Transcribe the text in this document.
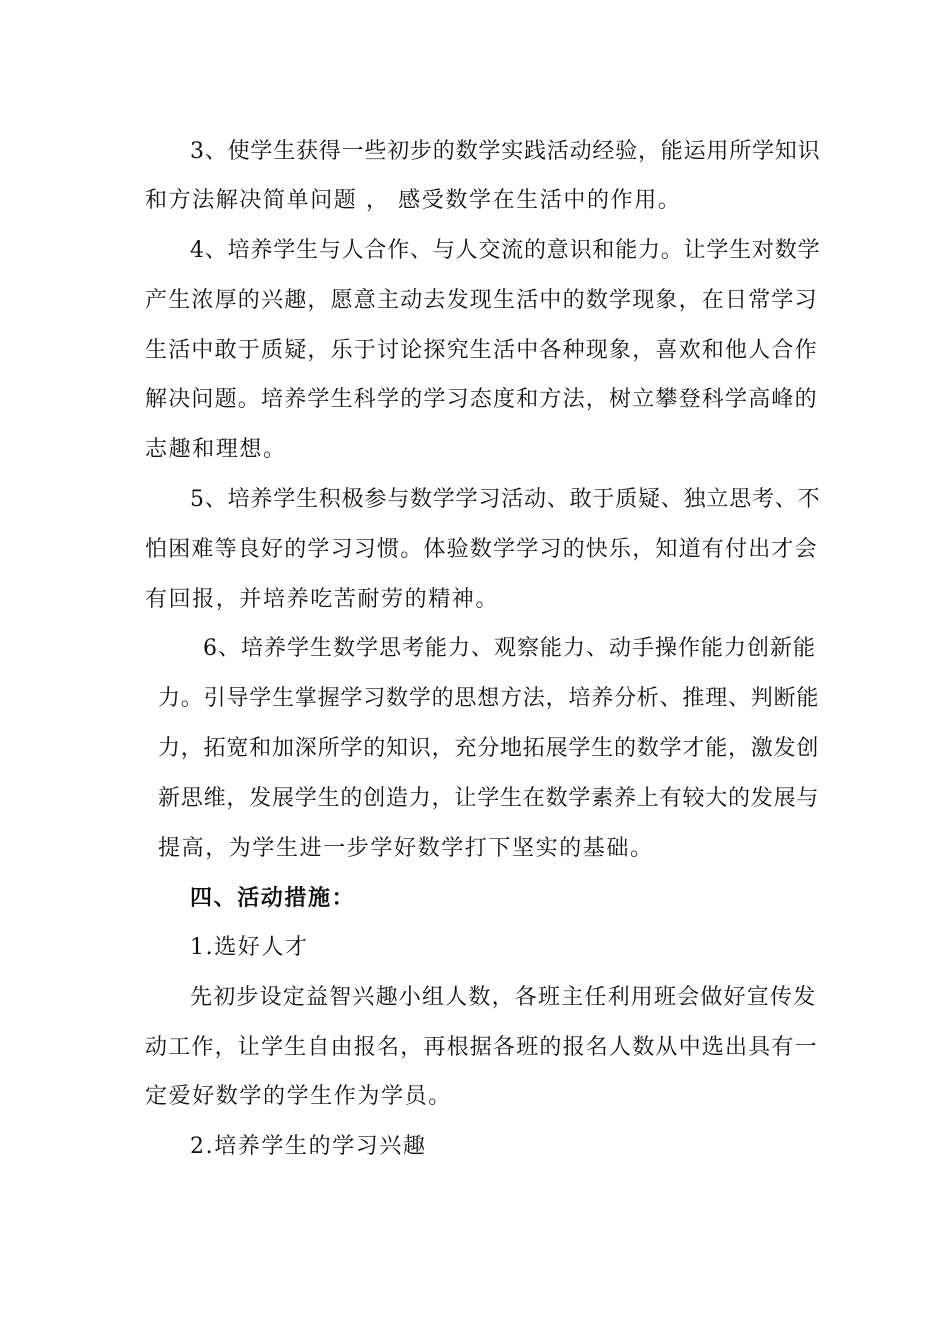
3、使学生获得一些初步的数学实践活动经验，能运用所学知识
和方法解决简单问题 ， 感受数学在生活中的作用。
4、培养学生与人合作、与人交流的意识和能力。让学生对数学
产生浓厚的兴趣，愿意主动去发现生活中的数学现象，在日常学习
生活中敢于质疑，乐于讨论探究生活中各种现象，喜欢和他人合作
解决问题。培养学生科学的学习态度和方法，树立攀登科学高峰的
志趣和理想。
5、培养学生积极参与数学学习活动、敢于质疑、独立思考、不
怕困难等良好的学习习惯。体验数学学习的快乐，知道有付出才会
有回报，并培养吃苦耐劳的精神。
6、培养学生数学思考能力、观察能力、动手操作能力创新能
力。引导学生掌握学习数学的思想方法，培养分析、推理、判断能
力，拓宽和加深所学的知识，充分地拓展学生的数学才能，激发创
新思维，发展学生的创造力，让学生在数学素养上有较大的发展与
提高，为学生进一步学好数学打下坚实的基础。
四、活动措施：
1.选好人才
先初步设定益智兴趣小组人数，各班主任利用班会做好宣传发
动工作，让学生自由报名，再根据各班的报名人数从中选出具有一
定爱好数学的学生作为学员。
2.培养学生的学习兴趣
